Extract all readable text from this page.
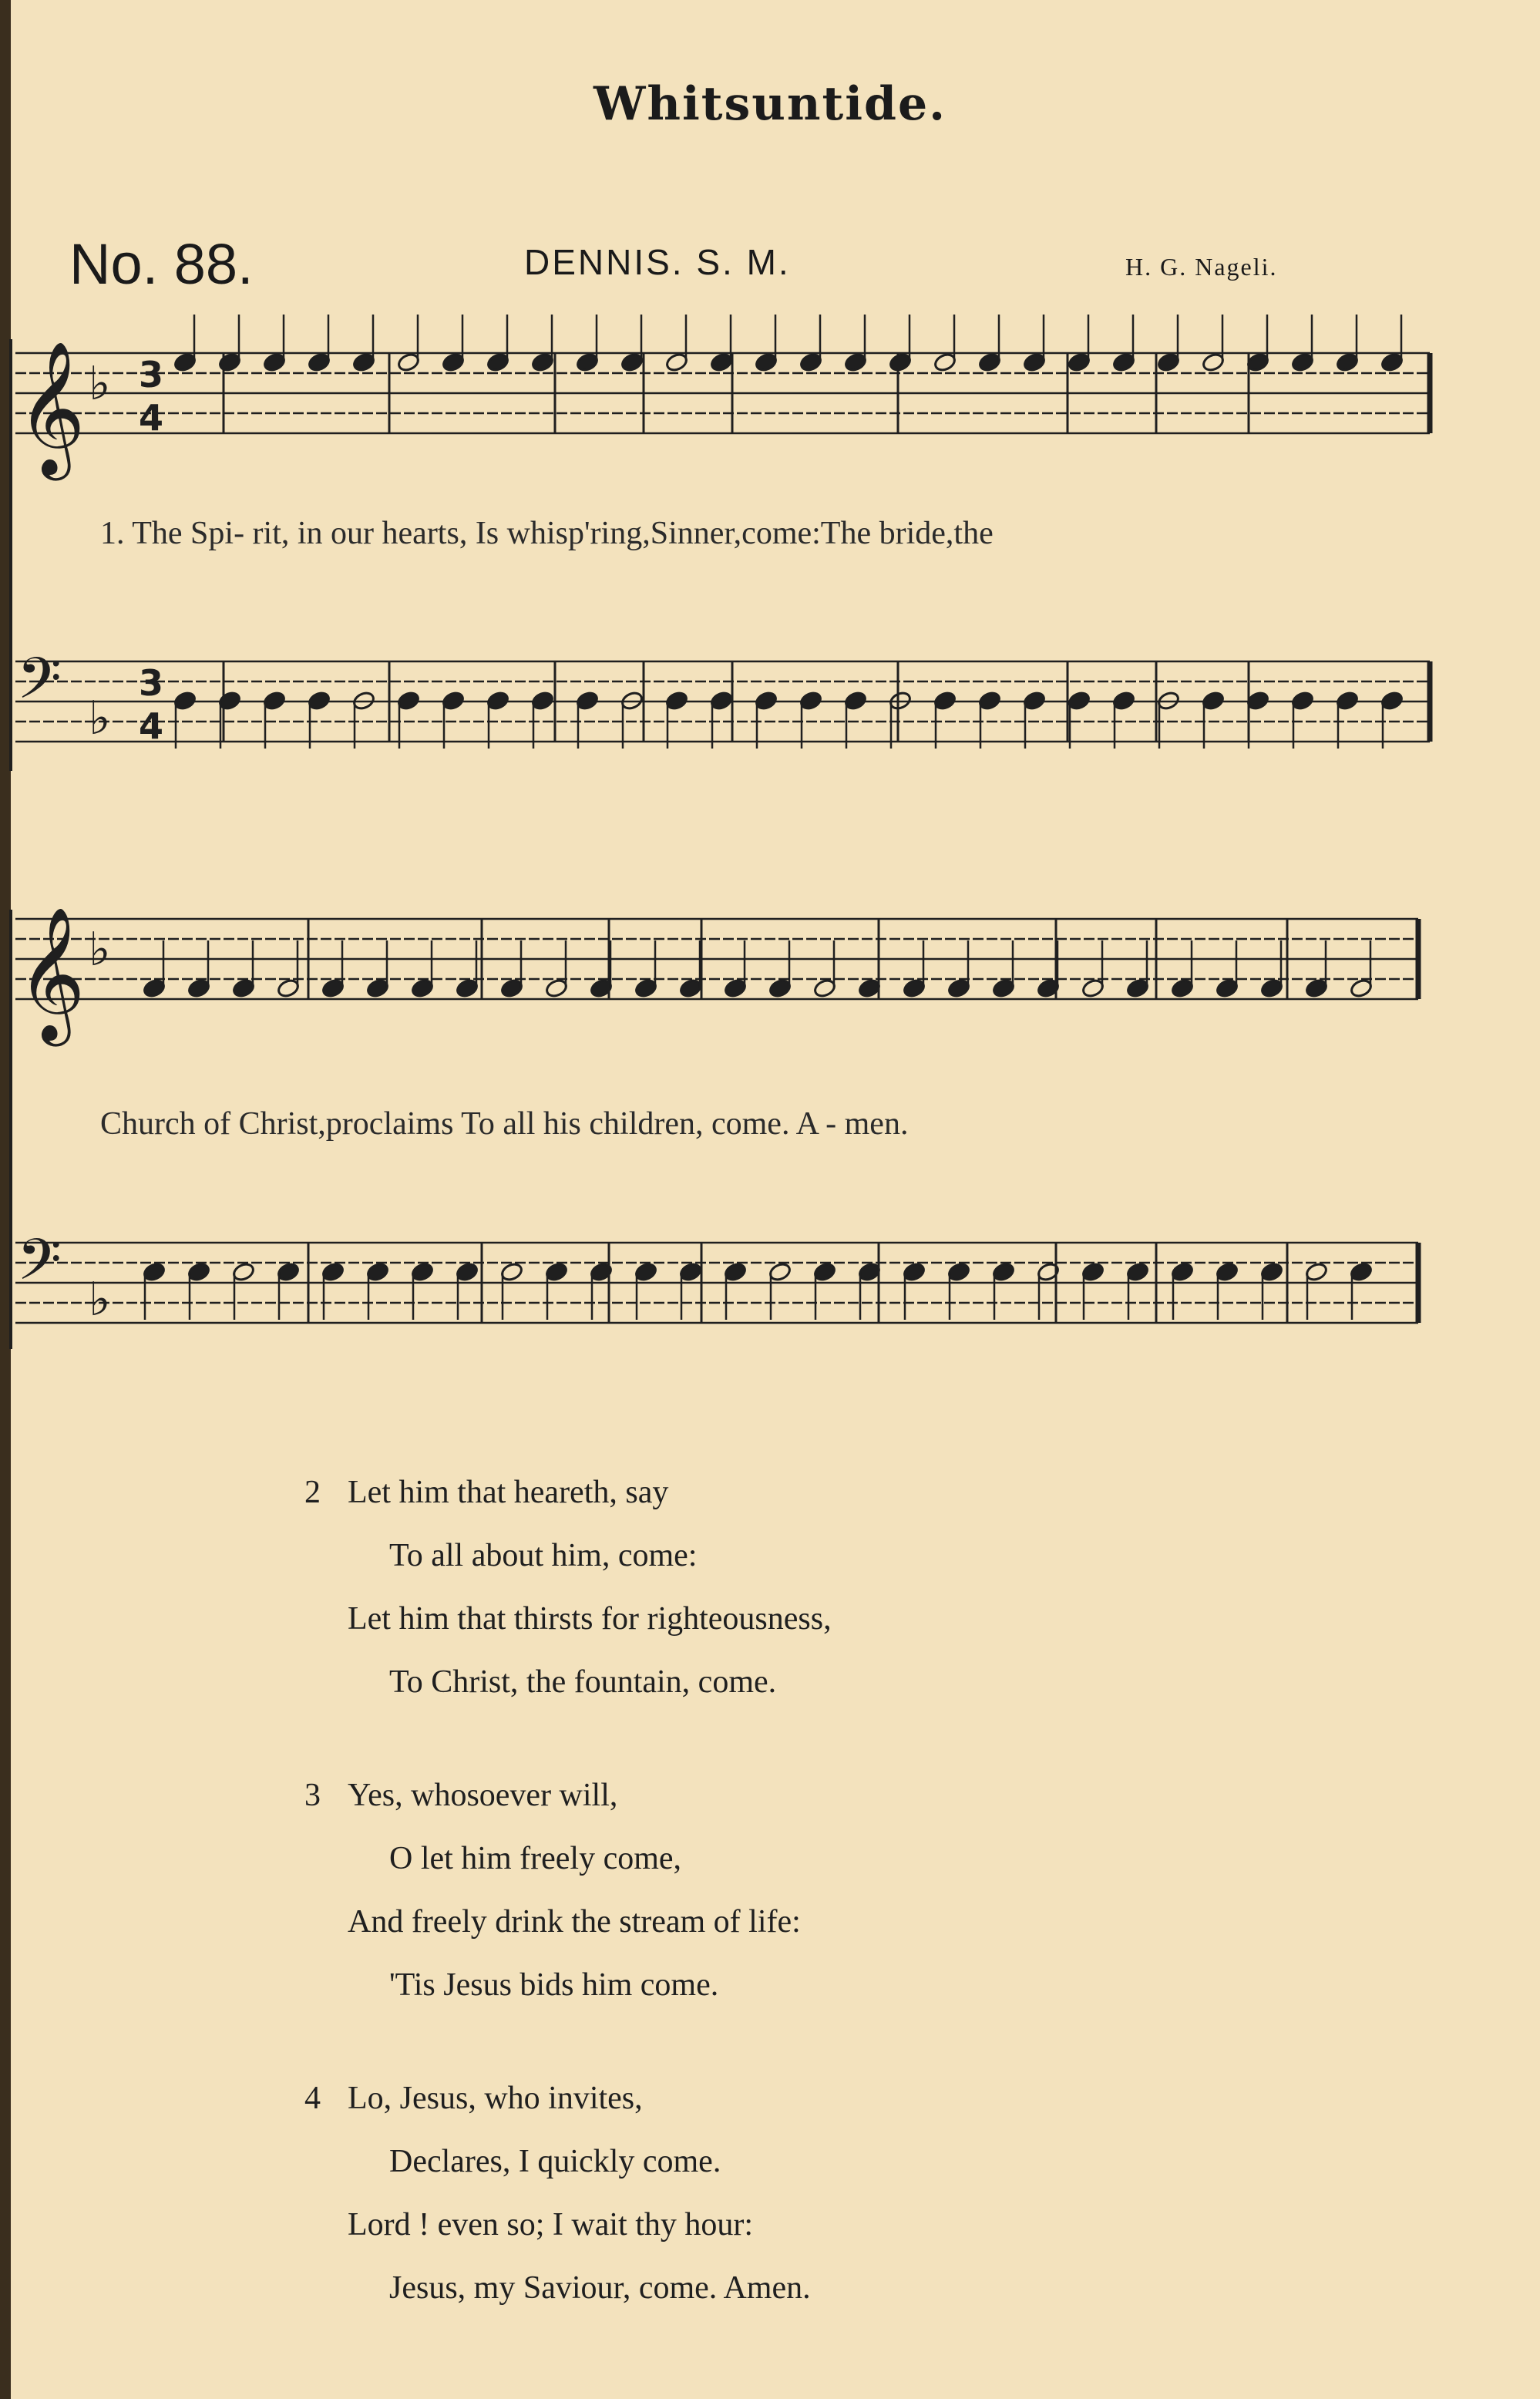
Whitsuntide.
No. 88.	DENNIS. S. M.	H. G. Nageli.
𝄞 ♭ 3
4
𝄢 ♭
3
4
𝄞 ♭
𝄢 ♭
1. The Spi- rit, in our hearts, Is whisp'ring,Sinner,come:The bride,the
Church of Christ,proclaims To all his children, come. A - men.
2 Let him that heareth, say
To all about him, come:
Let him that thirsts for righteousness,
To Christ, the fountain, come.
3 Yes, whosoever will,
O let him freely come,
And freely drink the stream of life:
'Tis Jesus bids him come.
4 Lo, Jesus, who invites,
Declares, I quickly come.
Lord ! even so; I wait thy hour:
Jesus, my Saviour, come. Amen.
